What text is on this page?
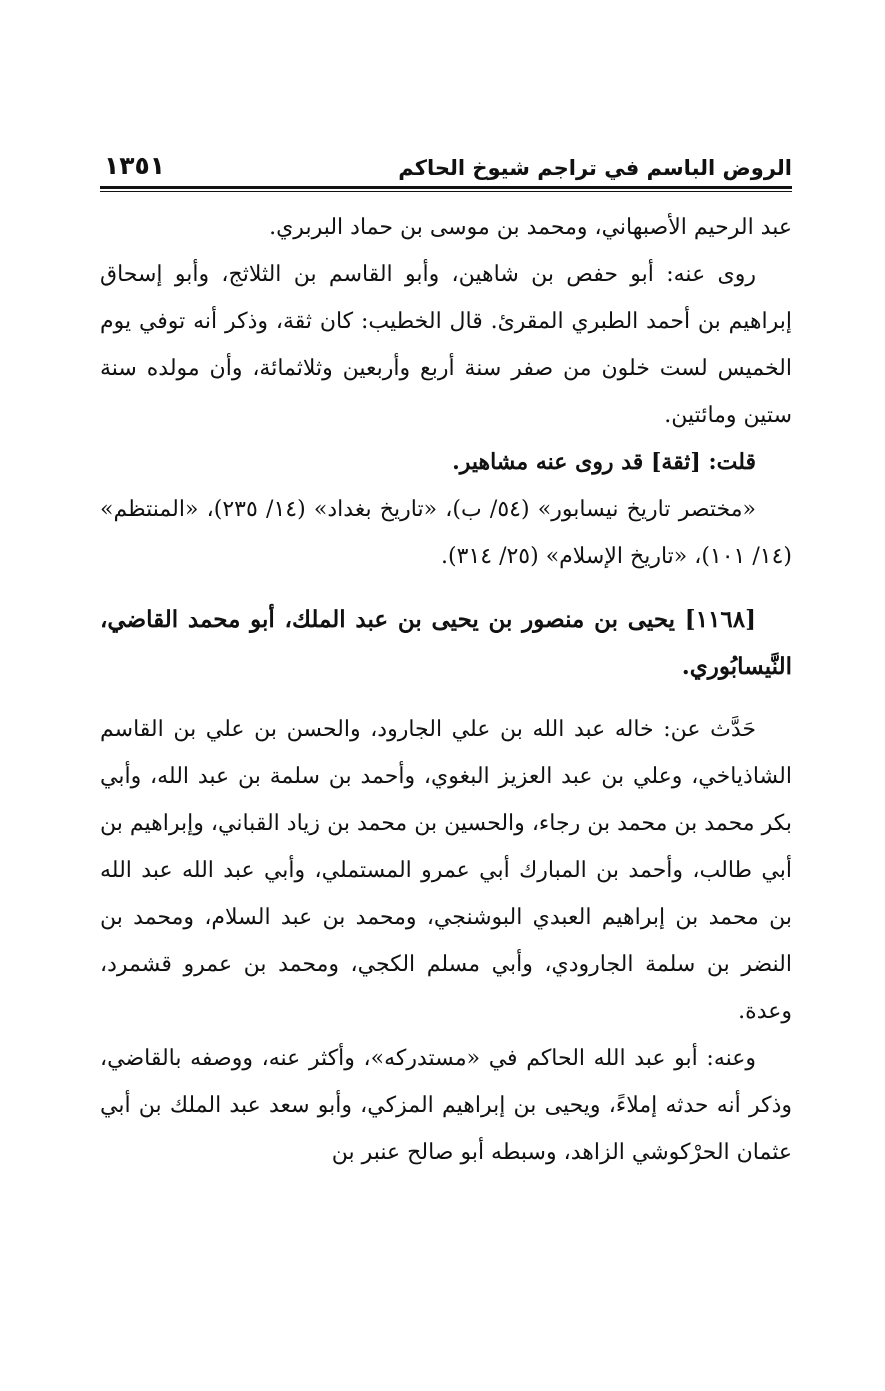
الروض الباسم في تراجم شيوخ الحاكم
١٣٥١

عبد الرحيم الأصبهاني، ومحمد بن موسى بن حماد البربري.

روى عنه: أبو حفص بن شاهين، وأبو القاسم بن الثلاثج، وأبو إسحاق إبراهيم بن أحمد الطبري المقرئ. قال الخطيب: كان ثقة، وذكر أنه توفي يوم الخميس لست خلون من صفر سنة أربع وأربعين وثلاثمائة، وأن مولده سنة ستين ومائتين.

قلت: [ثقة] قد روى عنه مشاهير.

«مختصر تاريخ نيسابور» (٥٤/ ب)، «تاريخ بغداد» (١٤/ ٢٣٥)، «المنتظم» (١٤/ ١٠١)، «تاريخ الإسلام» (٢٥/ ٣١٤).

[١١٦٨] يحيى بن منصور بن يحيى بن عبد الملك، أبو محمد القاضي، النَّيسابُوري.

حَدَّث عن: خاله عبد الله بن علي الجارود، والحسن بن علي بن القاسم الشاذياخي، وعلي بن عبد العزيز البغوي، وأحمد بن سلمة بن عبد الله، وأبي بكر محمد بن محمد بن رجاء، والحسين بن محمد بن زياد القباني، وإبراهيم بن أبي طالب، وأحمد بن المبارك أبي عمرو المستملي، وأبي عبد الله عبد الله بن محمد بن إبراهيم العبدي البوشنجي، ومحمد بن عبد السلام، ومحمد بن النضر بن سلمة الجارودي، وأبي مسلم الكجي، ومحمد بن عمرو قشمرد، وعدة.

وعنه: أبو عبد الله الحاكم في «مستدركه»، وأكثر عنه، ووصفه بالقاضي، وذكر أنه حدثه إملاءً، ويحيى بن إبراهيم المزكي، وأبو سعد عبد الملك بن أبي عثمان الحرْكوشي الزاهد، وسبطه أبو صالح عنبر بن
